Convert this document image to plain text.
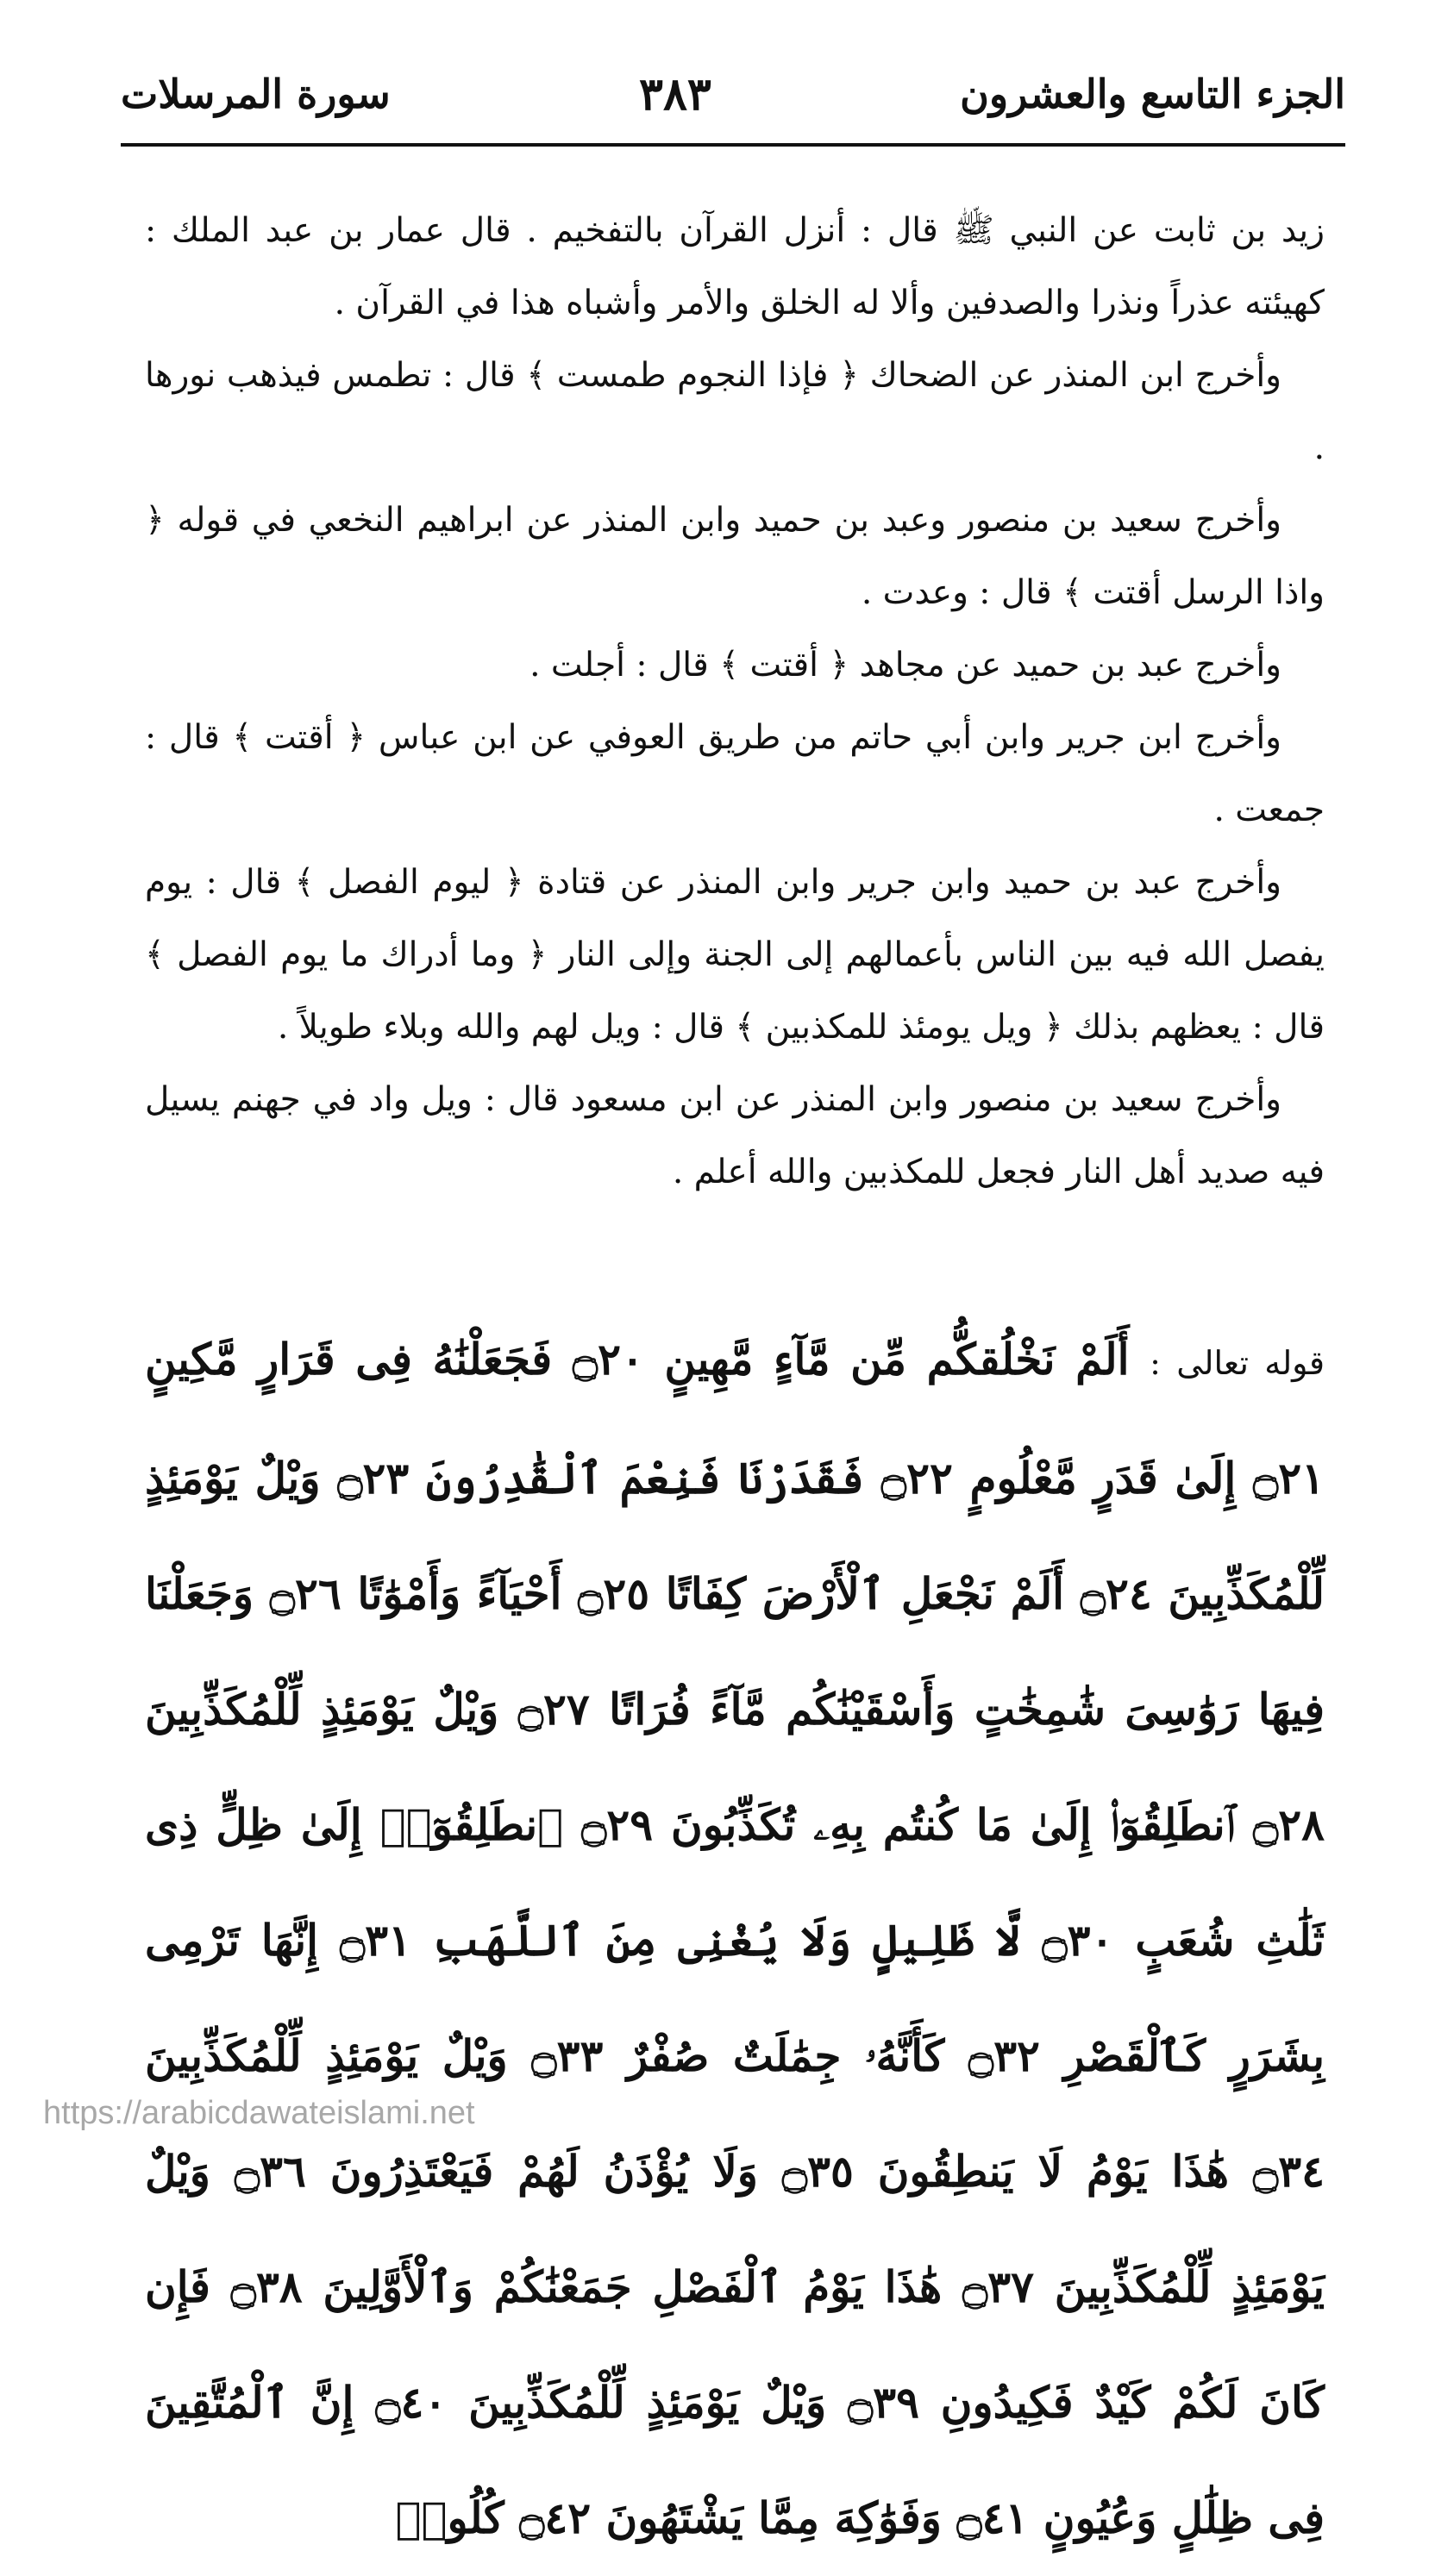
الجزء التاسع والعشرون
٣٨٣
سورة المرسلات

زيد بن ثابت عن النبي ﷺ قال : أنزل القرآن بالتفخيم . قال عمار بن عبد الملك : كهيئته عذراً ونذرا والصدفين وألا له الخلق والأمر وأشباه هذا في القرآن .

وأخرج ابن المنذر عن الضحاك ﴿ فإذا النجوم طمست ﴾ قال : تطمس فيذهب نورها .

وأخرج سعيد بن منصور وعبد بن حميد وابن المنذر عن ابراهيم النخعي في قوله ﴿ واذا الرسل أقتت ﴾ قال : وعدت .

وأخرج عبد بن حميد عن مجاهد ﴿ أقتت ﴾ قال : أجلت .

وأخرج ابن جرير وابن أبي حاتم من طريق العوفي عن ابن عباس ﴿ أقتت ﴾ قال : جمعت .

وأخرج عبد بن حميد وابن جرير وابن المنذر عن قتادة ﴿ ليوم الفصل ﴾ قال : يوم يفصل الله فيه بين الناس بأعمالهم إلى الجنة وإلى النار ﴿ وما أدراك ما يوم الفصل ﴾ قال : يعظهم بذلك ﴿ ويل يومئذ للمكذبين ﴾ قال : ويل لهم والله وبلاء طويلاً .

وأخرج سعيد بن منصور وابن المنذر عن ابن مسعود قال : ويل واد في جهنم يسيل فيه صديد أهل النار فجعل للمكذبين والله أعلم .

قوله تعالى : أَلَمْ نَخْلُقكُّم مِّن مَّآءٍ مَّهِينٍ ۝٢٠ فَجَعَلْنَٰهُ فِى قَرَارٍ مَّكِينٍ ۝٢١ إِلَىٰ قَدَرٍ مَّعْلُومٍ ۝٢٢ فَقَدَرْنَا فَنِعْمَ ٱلْقَٰدِرُونَ ۝٢٣ وَيْلٌ يَوْمَئِذٍ لِّلْمُكَذِّبِينَ ۝٢٤ أَلَمْ نَجْعَلِ ٱلْأَرْضَ كِفَاتًا ۝٢٥ أَحْيَآءً وَأَمْوَٰتًا ۝٢٦ وَجَعَلْنَا فِيهَا رَوَٰسِىَ شَٰمِخَٰتٍ وَأَسْقَيْنَٰكُم مَّآءً فُرَاتًا ۝٢٧ وَيْلٌ يَوْمَئِذٍ لِّلْمُكَذِّبِينَ ۝٢٨ ٱنطَلِقُوٓا۟ إِلَىٰ مَا كُنتُم بِهِۦ تُكَذِّبُونَ ۝٢٩ ٱنطَلِقُوٓا۟ إِلَىٰ ظِلٍّ ذِى ثَلَٰثِ شُعَبٍ ۝٣٠ لَّا ظَلِيلٍ وَلَا يُغْنِى مِنَ ٱللَّهَبِ ۝٣١ إِنَّهَا تَرْمِى بِشَرَرٍ كَٱلْقَصْرِ ۝٣٢ كَأَنَّهُۥ جِمَٰلَتٌ صُفْرٌ ۝٣٣ وَيْلٌ يَوْمَئِذٍ لِّلْمُكَذِّبِينَ ۝٣٤ هَٰذَا يَوْمُ لَا يَنطِقُونَ ۝٣٥ وَلَا يُؤْذَنُ لَهُمْ فَيَعْتَذِرُونَ ۝٣٦ وَيْلٌ يَوْمَئِذٍ لِّلْمُكَذِّبِينَ ۝٣٧ هَٰذَا يَوْمُ ٱلْفَصْلِ جَمَعْنَٰكُمْ وَٱلْأَوَّلِينَ ۝٣٨ فَإِن كَانَ لَكُمْ كَيْدٌ فَكِيدُونِ ۝٣٩ وَيْلٌ يَوْمَئِذٍ لِّلْمُكَذِّبِينَ ۝٤٠ إِنَّ ٱلْمُتَّقِينَ فِى ظِلَٰلٍ وَعُيُونٍ ۝٤١ وَفَوَٰكِهَ مِمَّا يَشْتَهُونَ ۝٤٢ كُلُوا۟
https://arabicdawateislami.net
